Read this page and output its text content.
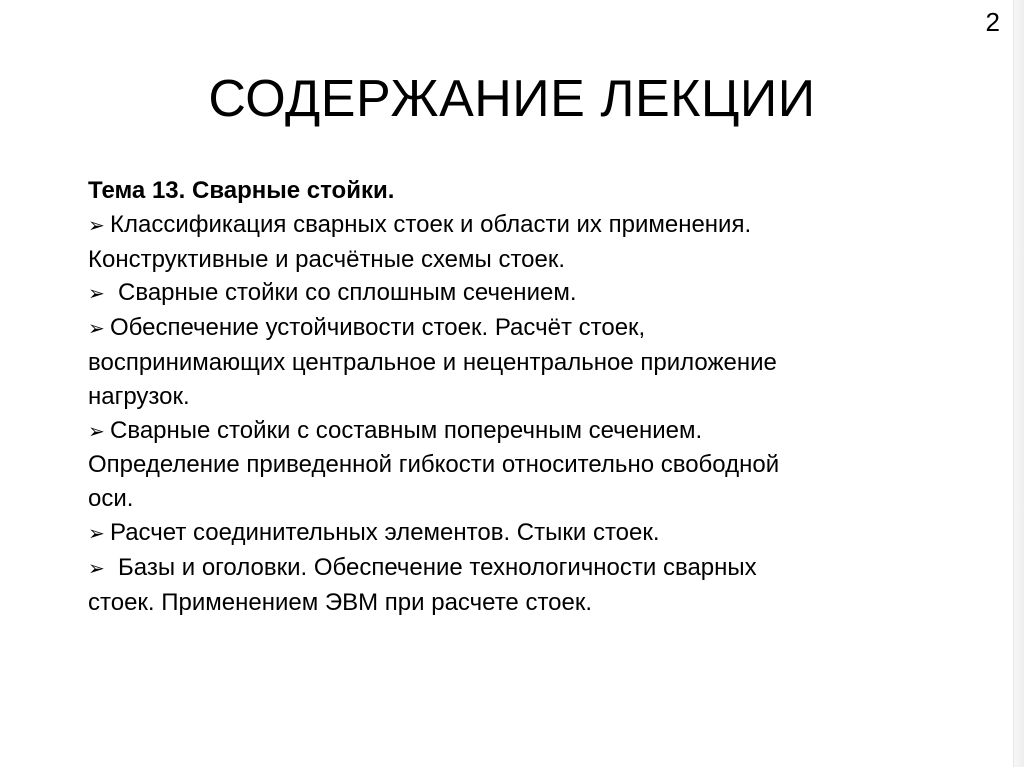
2
СОДЕРЖАНИЕ ЛЕКЦИИ
Тема 13. Сварные стойки.
➢ Классификация сварных стоек и области их применения.
Конструктивные и расчётные схемы стоек.
➢ Сварные стойки со сплошным сечением.
➢ Обеспечение устойчивости стоек. Расчёт стоек,
воспринимающих центральное и нецентральное приложение
нагрузок.
➢ Сварные стойки с составным поперечным сечением.
Определение приведенной гибкости относительно свободной
оси.
➢ Расчет соединительных элементов. Стыки стоек.
➢ Базы и оголовки. Обеспечение технологичности сварных
стоек. Применением ЭВМ при расчете стоек.
